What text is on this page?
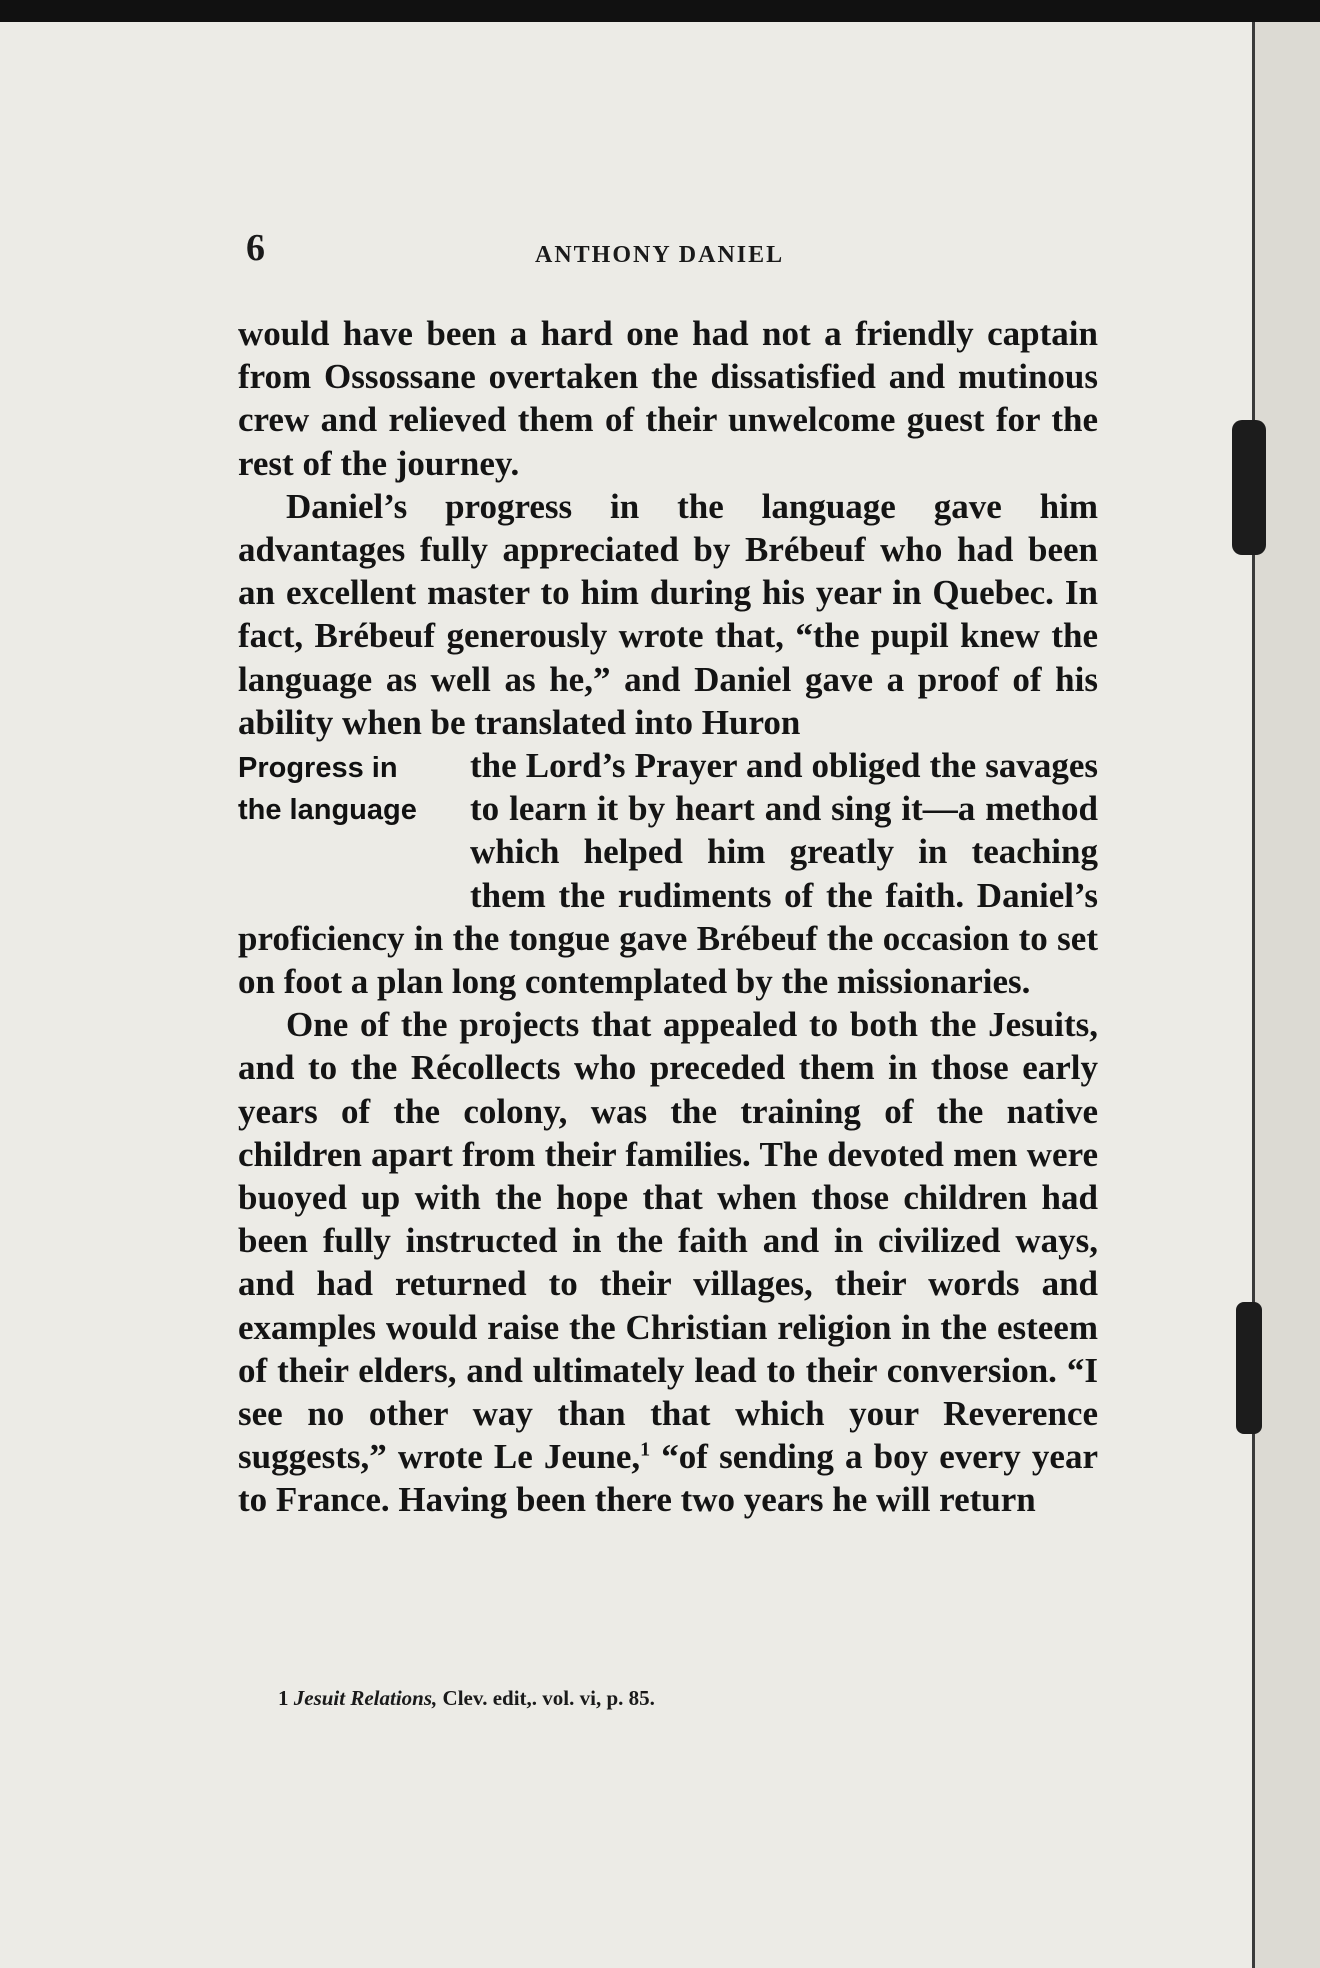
6	ANTHONY DANIEL

would have been a hard one had not a friendly captain from Ossossane overtaken the dissatisfied and mutinous crew and relieved them of their unwelcome guest for the rest of the journey.

Daniel’s progress in the language gave him advantages fully appreciated by Brébeuf who had been an excellent master to him during his year in Quebec. In fact, Brébeuf generously wrote that, “the pupil knew the language as well as he,” and Daniel gave a proof of his ability when be translated into Huron

Progress in
the language

the Lord’s Prayer and obliged the savages to learn it by heart and sing it—a method which helped him greatly in teaching them the rudiments of the faith. Daniel’s proficiency in the tongue gave Brébeuf the occasion to set on foot a plan long contemplated by the missionaries.

One of the projects that appealed to both the Jesuits, and to the Récollects who preceded them in those early years of the colony, was the training of the native children apart from their families. The devoted men were buoyed up with the hope that when those children had been fully instructed in the faith and in civilized ways, and had returned to their villages, their words and examples would raise the Christian religion in the esteem of their elders, and ultimately lead to their conversion. “I see no other way than that which your Reverence suggests,” wrote Le Jeune,$^1$ “of sending a boy every year to France. Having been there two years he will return

1 Jesuit Relations, Clev. edit,. vol. vi, p. 85.
